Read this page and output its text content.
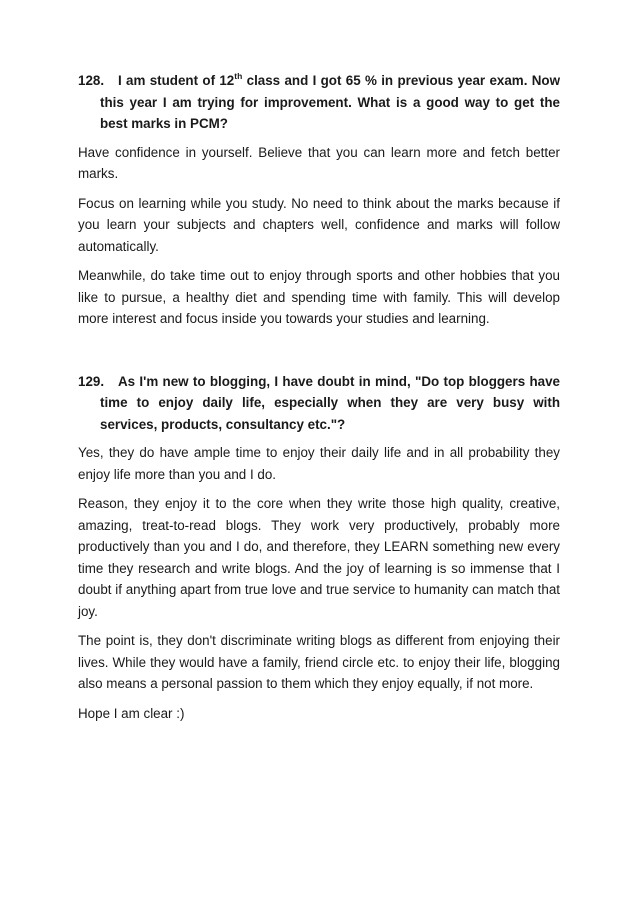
128. I am student of 12th class and I got 65 % in previous year exam. Now this year I am trying for improvement. What is a good way to get the best marks in PCM?

Have confidence in yourself. Believe that you can learn more and fetch better marks.

Focus on learning while you study. No need to think about the marks because if you learn your subjects and chapters well, confidence and marks will follow automatically.

Meanwhile, do take time out to enjoy through sports and other hobbies that you like to pursue, a healthy diet and spending time with family. This will develop more interest and focus inside you towards your studies and learning.

129. As I'm new to blogging, I have doubt in mind, "Do top bloggers have time to enjoy daily life, especially when they are very busy with services, products, consultancy etc."?

Yes, they do have ample time to enjoy their daily life and in all probability they enjoy life more than you and I do.

Reason, they enjoy it to the core when they write those high quality, creative, amazing, treat-to-read blogs. They work very productively, probably more productively than you and I do, and therefore, they LEARN something new every time they research and write blogs. And the joy of learning is so immense that I doubt if anything apart from true love and true service to humanity can match that joy.

The point is, they don't discriminate writing blogs as different from enjoying their lives. While they would have a family, friend circle etc. to enjoy their life, blogging also means a personal passion to them which they enjoy equally, if not more.

Hope I am clear :)
